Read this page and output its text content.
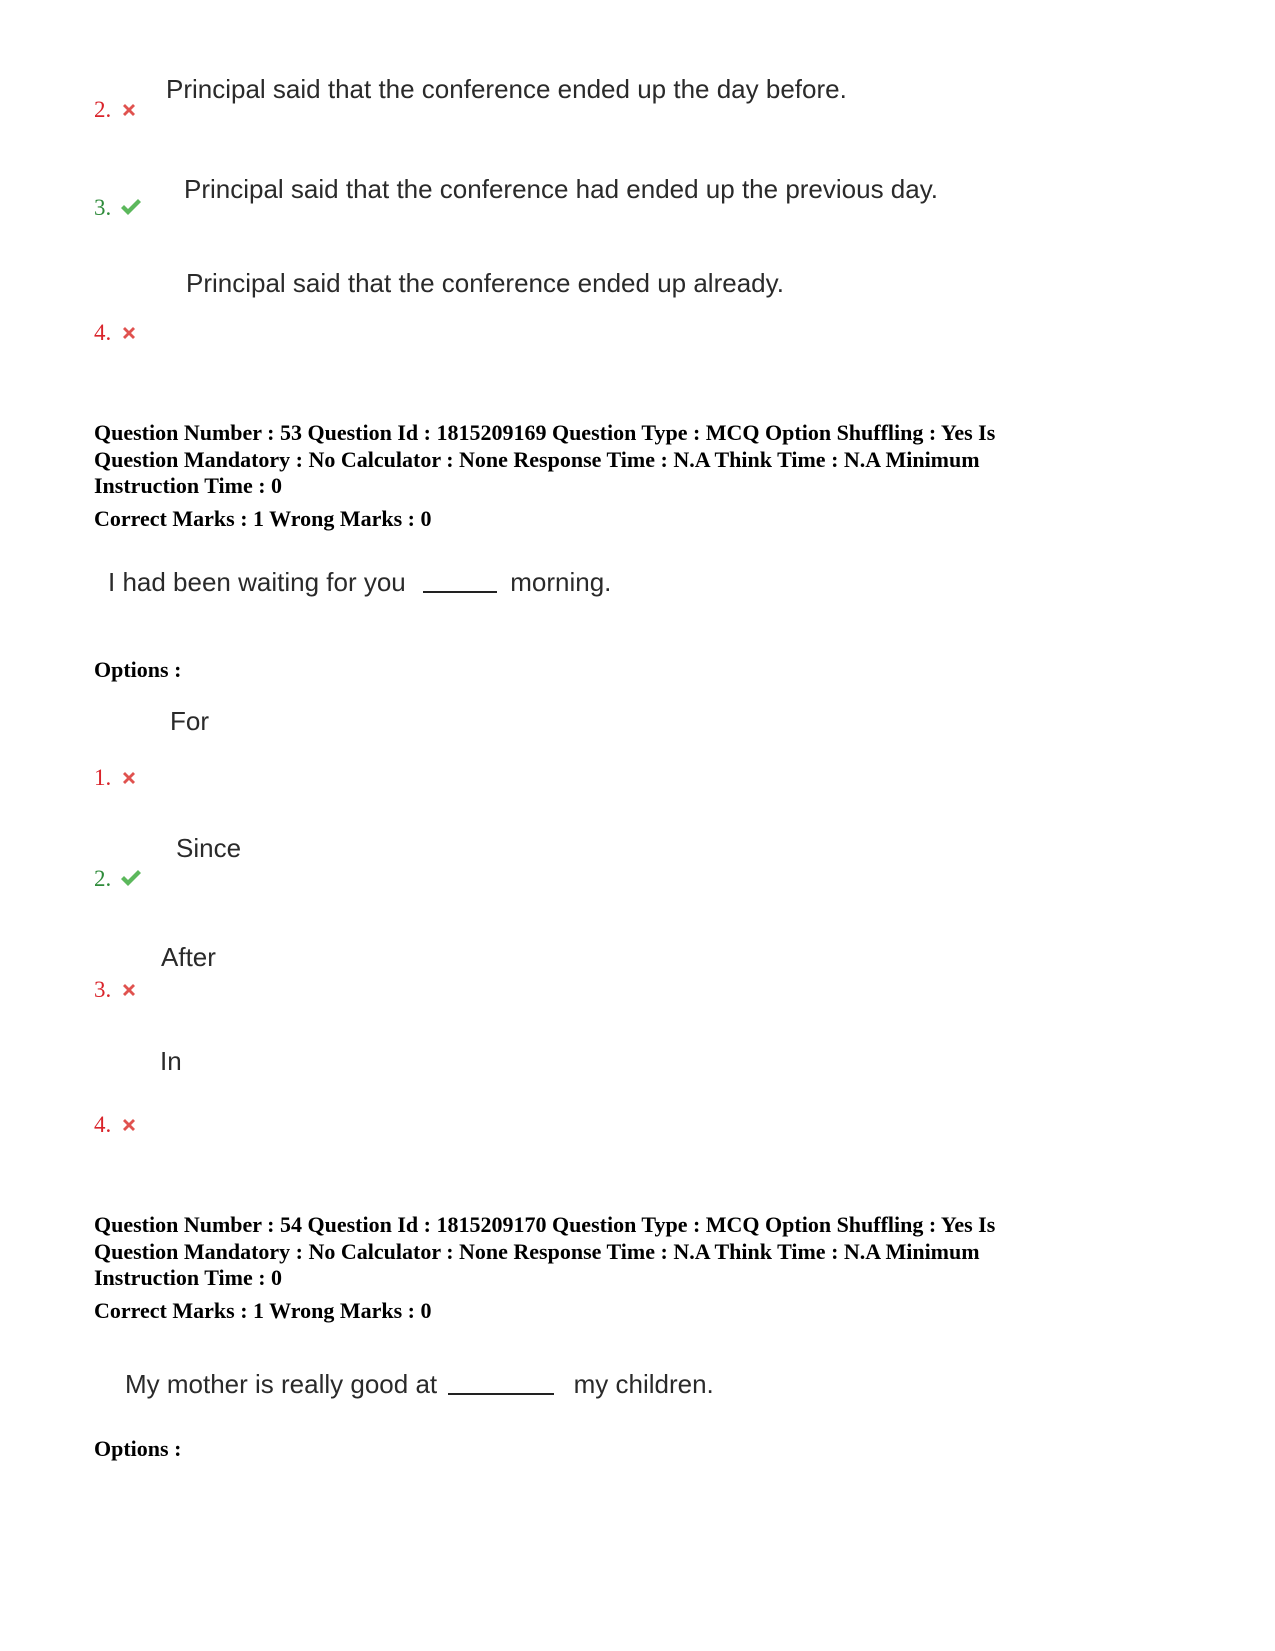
2.
Principal said that the conference ended up the day before.
3.
Principal said that the conference had ended up the previous day.
4.
Principal said that the conference ended up already.
Question Number : 53 Question Id : 1815209169 Question Type : MCQ Option Shuffling : Yes Is
Question Mandatory : No Calculator : None Response Time : N.A Think Time : N.A Minimum
Instruction Time : 0
Correct Marks : 1 Wrong Marks : 0
I had been waiting for you	morning.
Options :
For
1.
Since
2.
After
3.
In
4.
Question Number : 54 Question Id : 1815209170 Question Type : MCQ Option Shuffling : Yes Is
Question Mandatory : No Calculator : None Response Time : N.A Think Time : N.A Minimum
Instruction Time : 0
Correct Marks : 1 Wrong Marks : 0
My mother is really good at	my children.
Options :
